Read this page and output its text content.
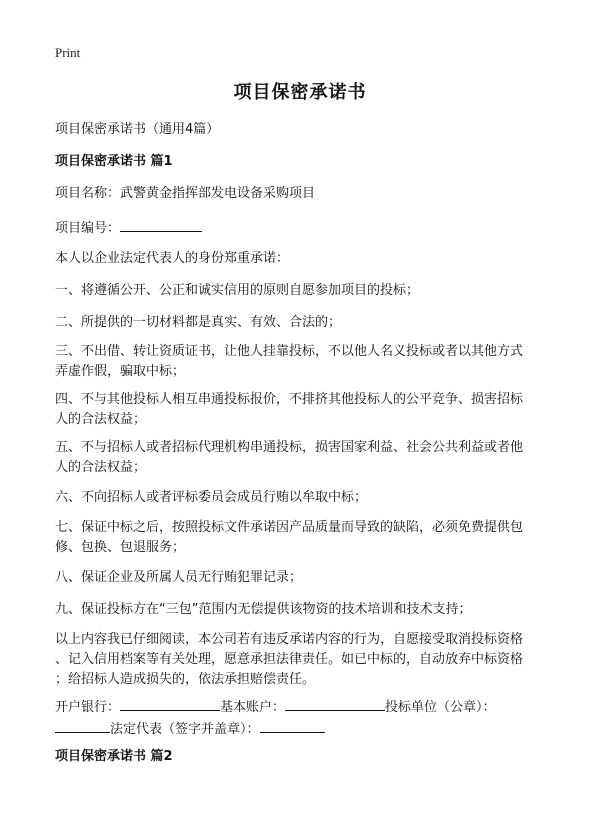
Print
项目保密承诺书
项目保密承诺书（通用4篇）
项目保密承诺书 篇1
项目名称：武警黄金指挥部发电设备采购项目
项目编号：
本人以企业法定代表人的身份郑重承诺：
一、将遵循公开、公正和诚实信用的原则自愿参加项目的投标；
二、所提供的一切材料都是真实、有效、合法的；
三、不出借、转让资质证书，让他人挂靠投标，不以他人名义投标或者以其他方式
弄虚作假，骗取中标；
四、不与其他投标人相互串通投标报价，不排挤其他投标人的公平竞争、损害招标
人的合法权益；
五、不与招标人或者招标代理机构串通投标，损害国家利益、社会公共利益或者他
人的合法权益；
六、不向招标人或者评标委员会成员行贿以牟取中标；
七、保证中标之后，按照投标文件承诺因产品质量而导致的缺陷，必须免费提供包
修、包换、包退服务；
八、保证企业及所属人员无行贿犯罪记录；
九、保证投标方在“三包”范围内无偿提供该物资的技术培训和技术支持；
以上内容我已仔细阅读，本公司若有违反承诺内容的行为，自愿接受取消投标资格
、记入信用档案等有关处理，愿意承担法律责任。如已中标的，自动放弃中标资格
；给招标人造成损失的，依法承担赔偿责任。
开户银行：	基本账户：	投标单位（公章）：
法定代表（签字并盖章）：
项目保密承诺书 篇2
